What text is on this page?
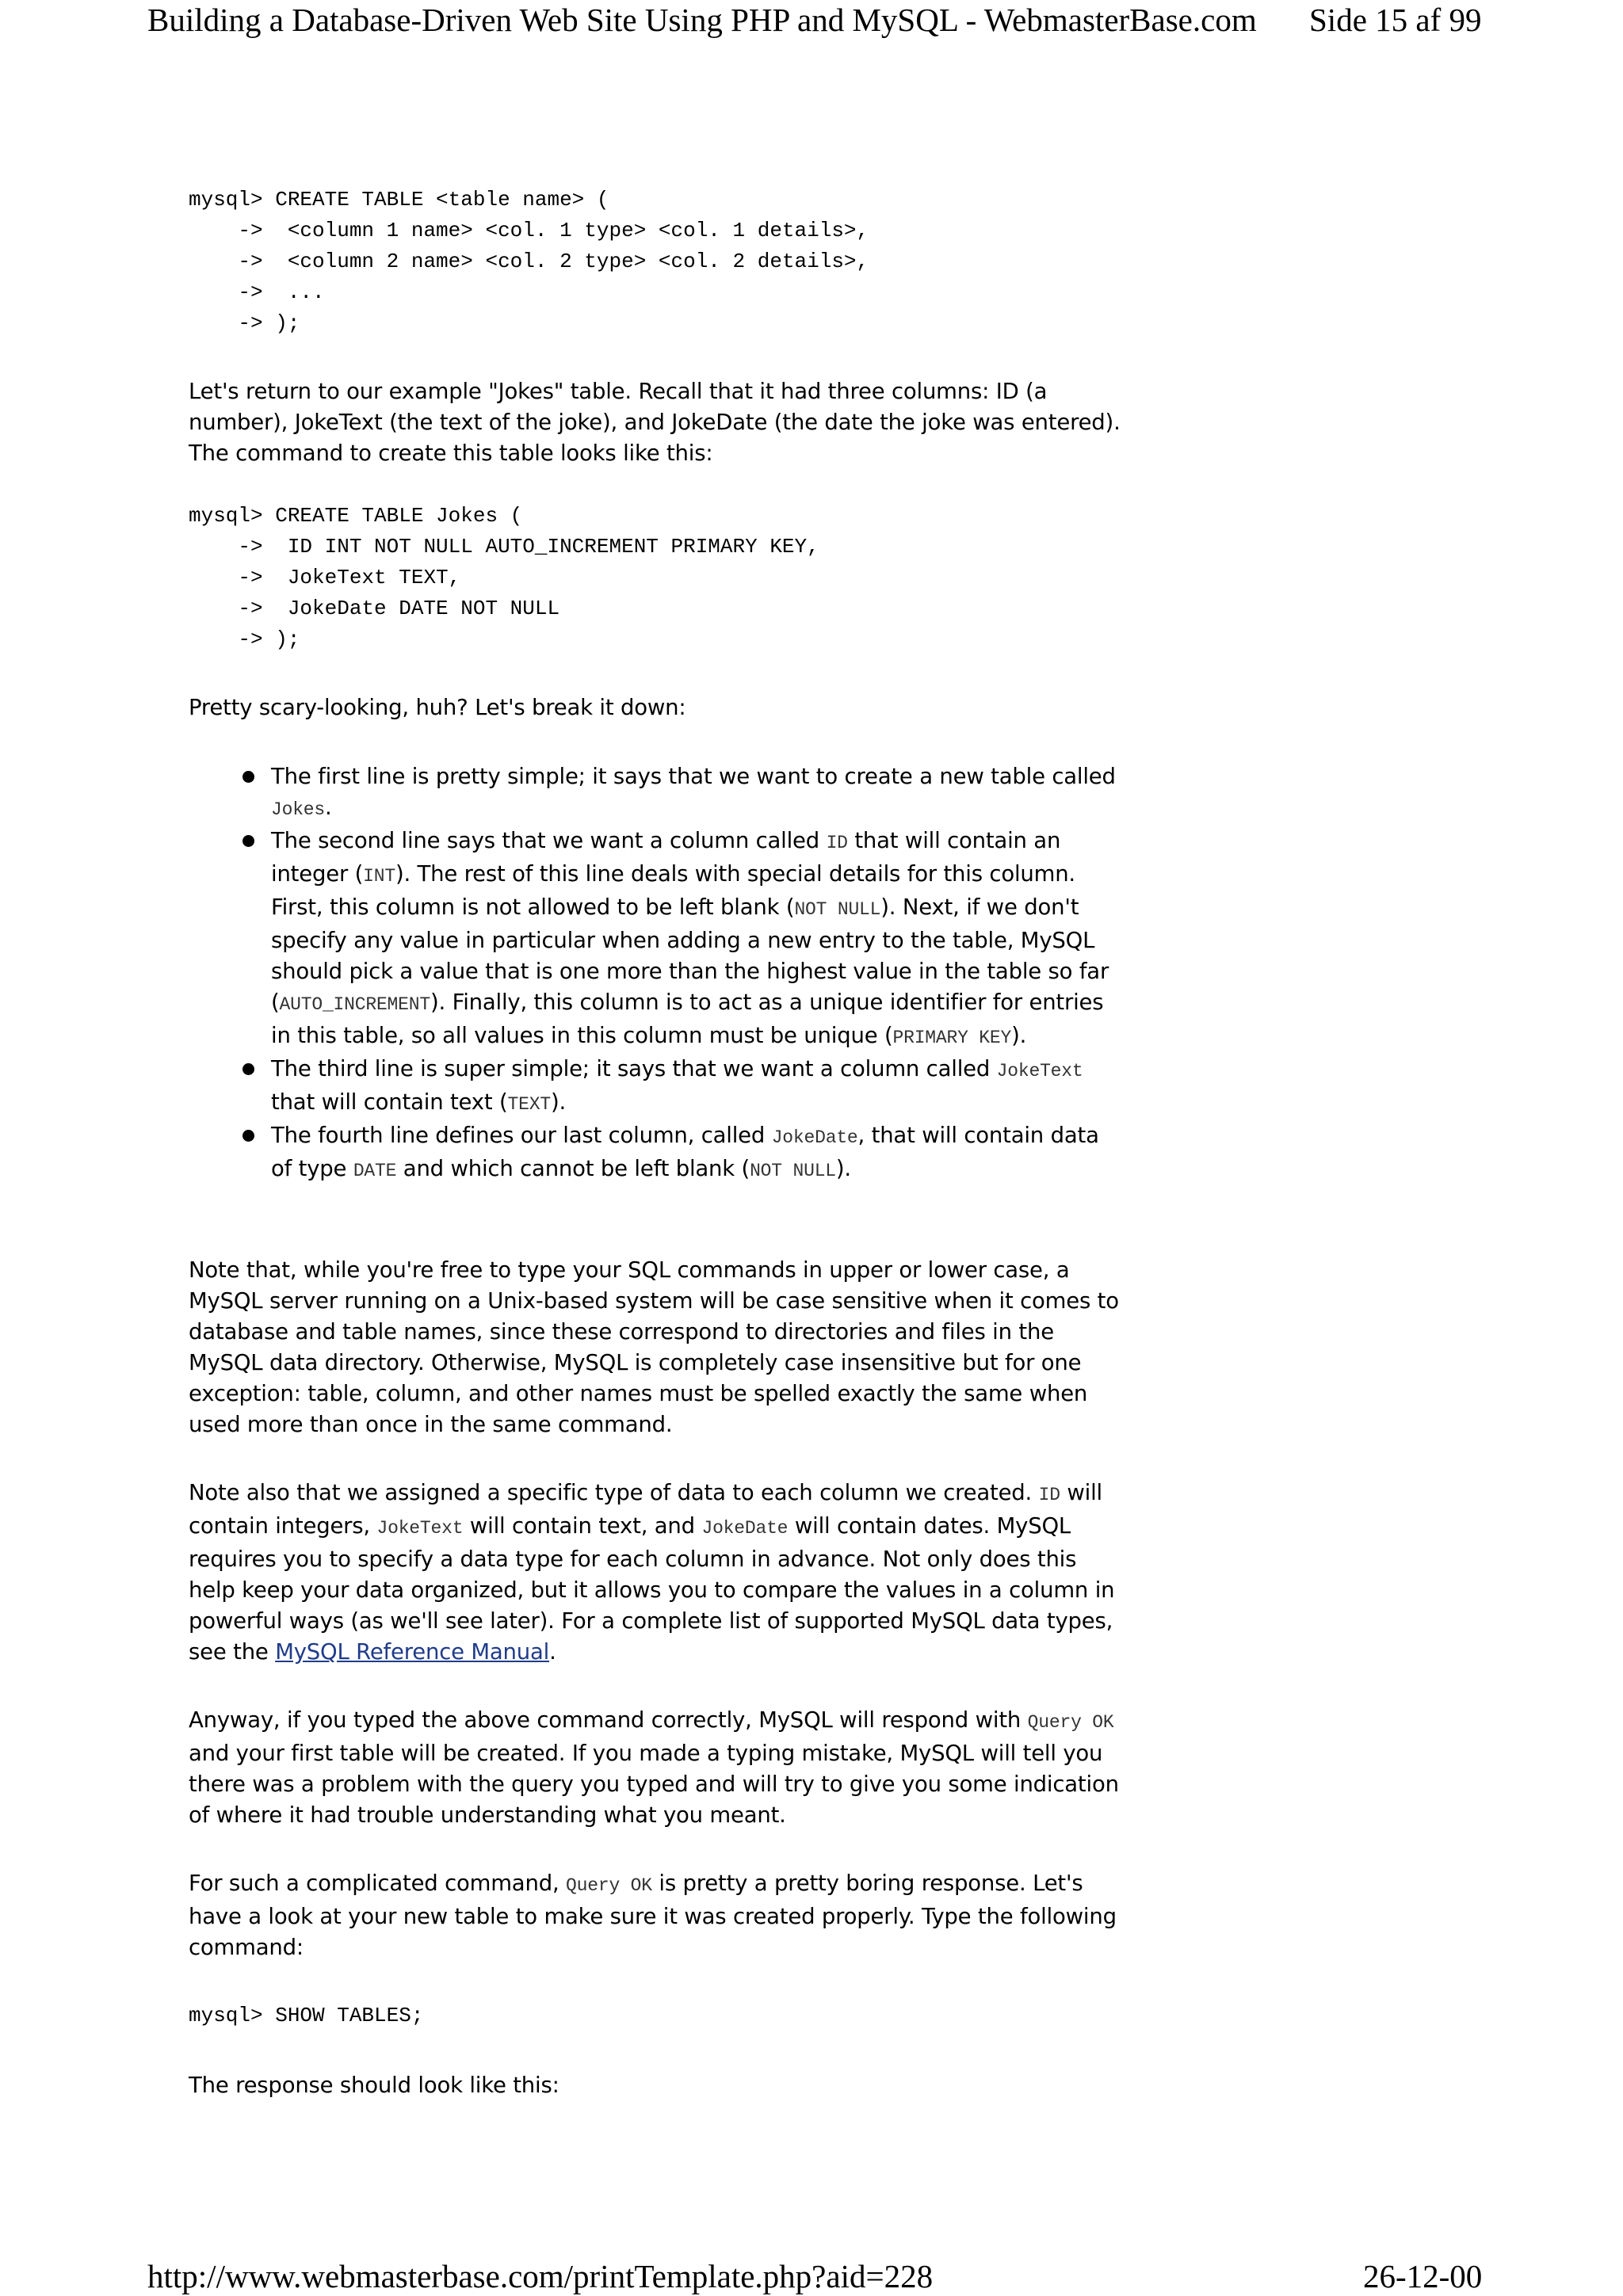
Building a Database-Driven Web Site Using PHP and MySQL - WebmasterBase.com Side 15 af 99
mysql> CREATE TABLE <table name> (
->  <column 1 name> <col. 1 type> <col. 1 details>,
->  <column 2 name> <col. 2 type> <col. 2 details>,
->  ...
-> );

Let's return to our example "Jokes" table. Recall that it had three columns: ID (a number), JokeText (the text of the joke), and JokeDate (the date the joke was entered). The command to create this table looks like this:

mysql> CREATE TABLE Jokes (
->  ID INT NOT NULL AUTO_INCREMENT PRIMARY KEY,
->  JokeText TEXT,
->  JokeDate DATE NOT NULL
-> );

Pretty scary-looking, huh? Let's break it down:

The first line is pretty simple; it says that we want to create a new table called Jokes.
The second line says that we want a column called ID that will contain an integer (INT). The rest of this line deals with special details for this column. First, this column is not allowed to be left blank (NOT NULL). Next, if we don't specify any value in particular when adding a new entry to the table, MySQL should pick a value that is one more than the highest value in the table so far (AUTO_INCREMENT). Finally, this column is to act as a unique identifier for entries in this table, so all values in this column must be unique (PRIMARY KEY).
The third line is super simple; it says that we want a column called JokeText that will contain text (TEXT).
The fourth line defines our last column, called JokeDate, that will contain data of type DATE and which cannot be left blank (NOT NULL).

Note that, while you're free to type your SQL commands in upper or lower case, a MySQL server running on a Unix-based system will be case sensitive when it comes to database and table names, since these correspond to directories and files in the MySQL data directory. Otherwise, MySQL is completely case insensitive but for one exception: table, column, and other names must be spelled exactly the same when used more than once in the same command.

Note also that we assigned a specific type of data to each column we created. ID will contain integers, JokeText will contain text, and JokeDate will contain dates. MySQL requires you to specify a data type for each column in advance. Not only does this help keep your data organized, but it allows you to compare the values in a column in powerful ways (as we'll see later). For a complete list of supported MySQL data types, see the MySQL Reference Manual.

Anyway, if you typed the above command correctly, MySQL will respond with Query OK and your first table will be created. If you made a typing mistake, MySQL will tell you there was a problem with the query you typed and will try to give you some indication of where it had trouble understanding what you meant.

For such a complicated command, Query OK is pretty a pretty boring response. Let's have a look at your new table to make sure it was created properly. Type the following command:

mysql> SHOW TABLES;

The response should look like this:

http://www.webmasterbase.com/printTemplate.php?aid=228	26-12-00
